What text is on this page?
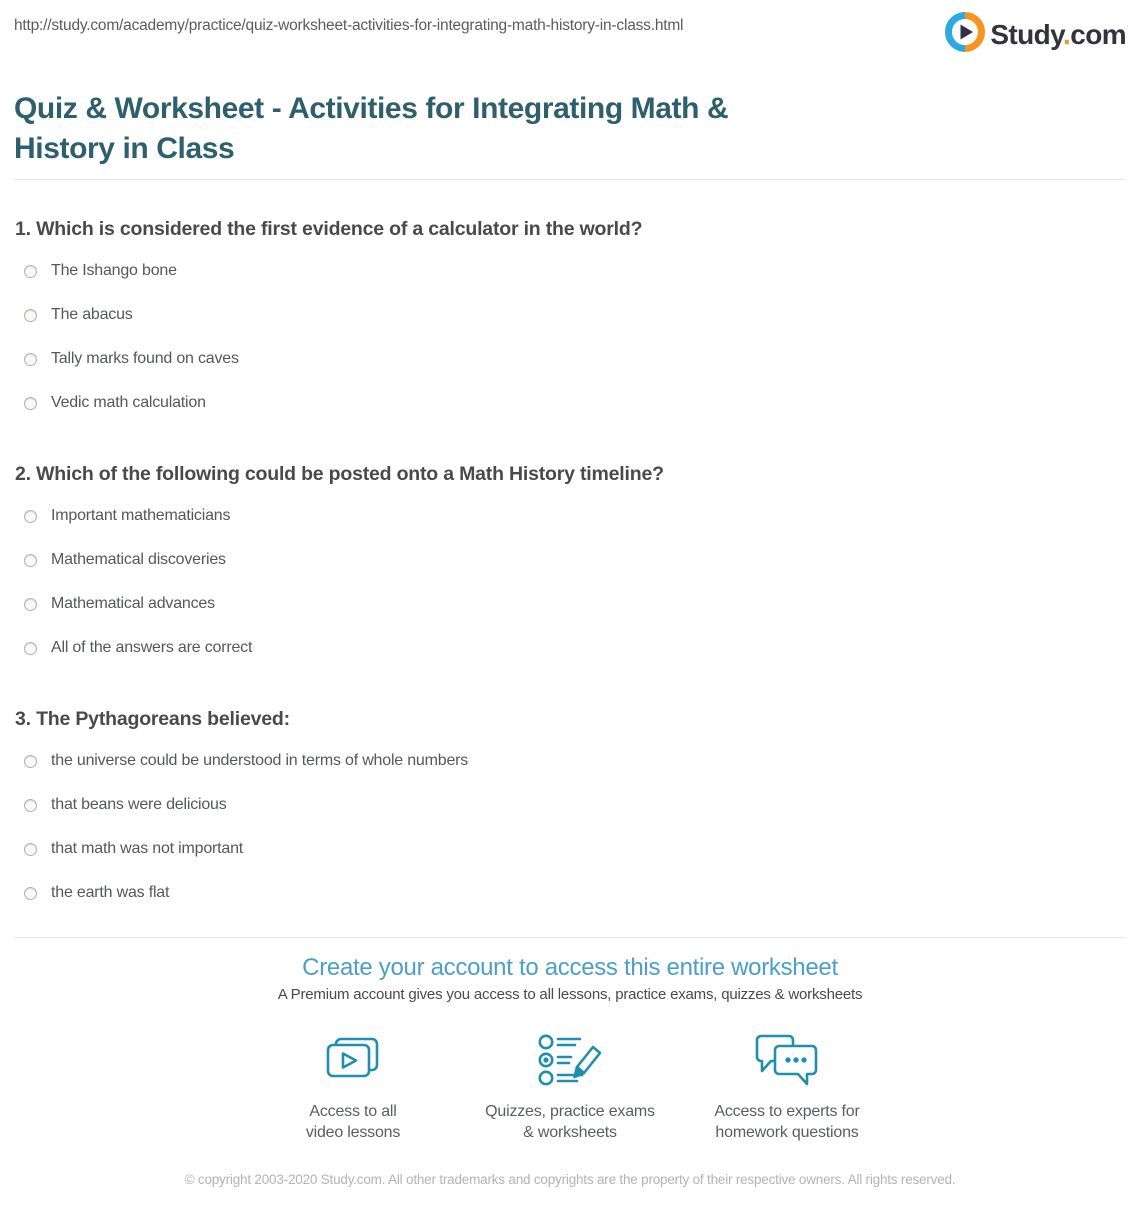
http://study.com/academy/practice/quiz-worksheet-activities-for-integrating-math-history-in-class.html	Study.com
Quiz & Worksheet - Activities for Integrating Math &
History in Class
1. Which is considered the first evidence of a calculator in the world?
The Ishango bone
The abacus
Tally marks found on caves
Vedic math calculation
2. Which of the following could be posted onto a Math History timeline?
Important mathematicians
Mathematical discoveries
Mathematical advances
All of the answers are correct
3. The Pythagoreans believed:
the universe could be understood in terms of whole numbers
that beans were delicious
that math was not important
the earth was flat
Create your account to access this entire worksheet
A Premium account gives you access to all lessons, practice exams, quizzes & worksheets
Access to all
video lessons
Quizzes, practice exams
& worksheets
Access to experts for
homework questions
© copyright 2003-2020 Study.com. All other trademarks and copyrights are the property of their respective owners. All rights reserved.
